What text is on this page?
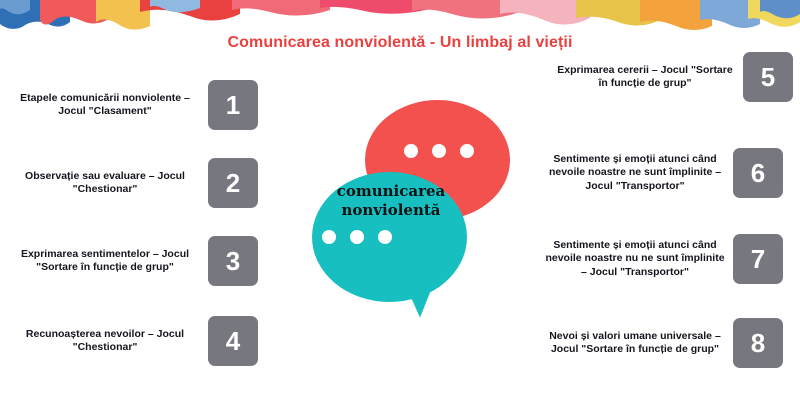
Comunicarea nonviolentă - Un limbaj al vieții
comunicarea nonviolentă
Etapele comunicării nonviolente – Jocul "Clasament"	1
Observație sau evaluare – Jocul "Chestionar"	2
Exprimarea sentimentelor – Jocul "Sortare în funcție de grup"	3
Recunoașterea nevoilor – Jocul "Chestionar"	4
Exprimarea cererii – Jocul "Sortare în funcție de grup"	5
Sentimente și emoții atunci când nevoile noastre ne sunt împlinite – Jocul "Transportor"	6
Sentimente și emoții atunci când nevoile noastre nu ne sunt împlinite – Jocul "Transportor"	7
Nevoi și valori umane universale – Jocul "Sortare în funcție de grup"	8
